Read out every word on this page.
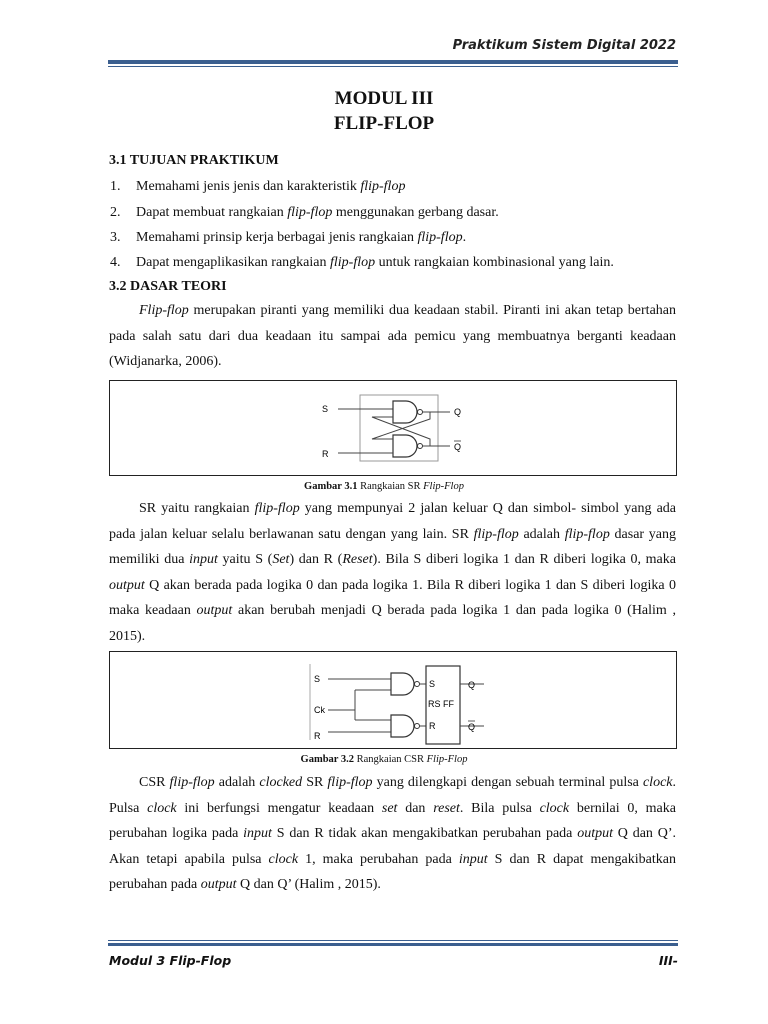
Praktikum Sistem Digital 2022
MODUL III
FLIP-FLOP
3.1 TUJUAN PRAKTIKUM
1. Memahami jenis jenis dan karakteristik flip-flop
2. Dapat membuat rangkaian flip-flop menggunakan gerbang dasar.
3. Memahami prinsip kerja berbagai jenis rangkaian flip-flop.
4. Dapat mengaplikasikan rangkaian flip-flop untuk rangkaian kombinasional yang lain.
3.2 DASAR TEORI

Flip-flop merupakan piranti yang memiliki dua keadaan stabil. Piranti ini akan tetap bertahan pada salah satu dari dua keadaan itu sampai ada pemicu yang membuatnya berganti keadaan (Widjanarka, 2006).

S
R
Q
Q
Gambar 3.1 Rangkaian SR Flip-Flop

SR yaitu rangkaian flip-flop yang mempunyai 2 jalan keluar Q dan simbol- simbol yang ada pada jalan keluar selalu berlawanan satu dengan yang lain. SR flip-flop adalah flip-flop dasar yang memiliki dua input yaitu S (Set) dan R (Reset). Bila S diberi logika 1 dan R diberi logika 0, maka output Q akan berada pada logika 0 dan pada logika 1. Bila R diberi logika 1 dan S diberi logika 0 maka keadaan output akan berubah menjadi Q berada pada logika 1 dan pada logika 0 (Halim , 2015).

S
Ck
R
S
R
RS FF
Q
Q
Gambar 3.2 Rangkaian CSR Flip-Flop

CSR flip-flop adalah clocked SR flip-flop yang dilengkapi dengan sebuah terminal pulsa clock. Pulsa clock ini berfungsi mengatur keadaan set dan reset. Bila pulsa clock bernilai 0, maka perubahan logika pada input S dan R tidak akan mengakibatkan perubahan pada output Q dan Q’. Akan tetapi apabila pulsa clock 1, maka perubahan pada input S dan R dapat mengakibatkan perubahan pada output Q dan Q’ (Halim , 2015).

Modul 3 Flip-Flop	III-
